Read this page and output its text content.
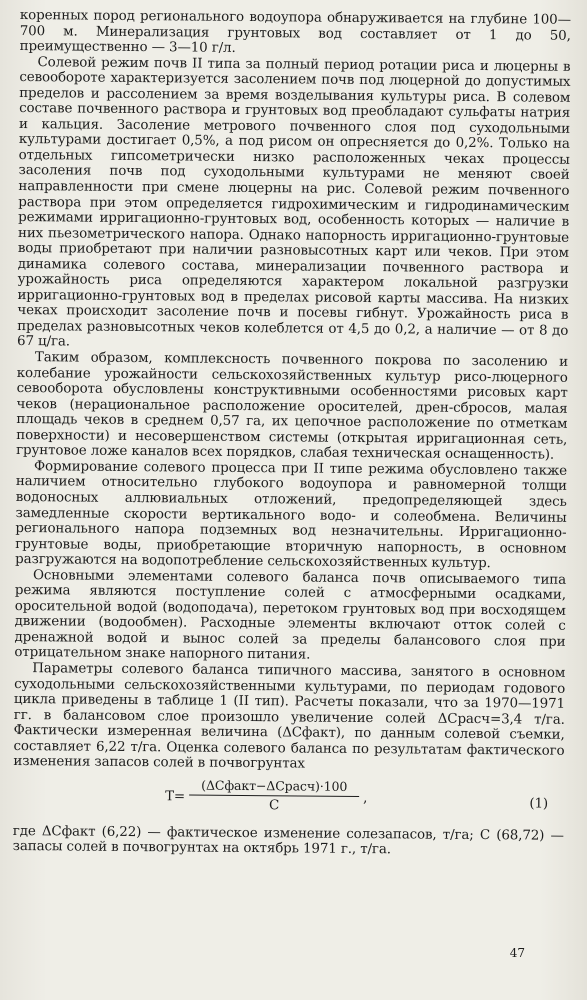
коренных пород регионального водоупора обнаруживается на глубине 100—700 м. Минерализация грунтовых вод составляет от 1 до 50, преимущественно — 3—10 г/л.

Солевой режим почв II типа за полный период ротации риса и люцерны в севообороте характеризуется засолением почв под люцерной до допустимых пределов и рассолением за время возделывания культуры риса. В солевом составе почвенного раствора и грунтовых вод преобладают сульфаты натрия и кальция. Засоление метрового почвенного слоя под суходольными культурами достигает 0,5%, а под рисом он опресняется до 0,2%. Только на отдельных гипсометрически низко расположенных чеках процессы засоления почв под суходольными культурами не меняют своей направленности при смене люцерны на рис. Солевой режим почвенного раствора при этом определяется гидрохимическим и гидродинамическим режимами ирригационно-грунтовых вод, особенность которых — наличие в них пьезометрического напора. Однако напорность ирригационно-грунтовые воды приобретают при наличии разновысотных карт или чеков. При этом динамика солевого состава, минерализации почвенного раствора и урожайность риса определяются характером локальной разгрузки ирригационно-грунтовых вод в пределах рисовой карты массива. На низких чеках происходит засоление почв и посевы гибнут. Урожайность риса в пределах разновысотных чеков колеблется от 4,5 до 0,2, а наличие — от 8 до 67 ц/га.

Таким образом, комплексность почвенного покрова по засолению и колебание урожайности сельскохозяйственных культур рисо-люцерного севооборота обусловлены конструктивными особенностями рисовых карт чеков (нерациональное расположение оросителей, дрен-сбросов, малая площадь чеков в среднем 0,57 га, их цепочное расположение по отметкам поверхности) и несовершенством системы (открытая ирригационная сеть, грунтовое ложе каналов всех порядков, слабая техническая оснащенность).

Формирование солевого процесса при II типе режима обусловлено также наличием относительно глубокого водоупора и равномерной толщи водоносных аллювиальных отложений, предопределяющей здесь замедленные скорости вертикального водо- и солеобмена. Величины регионального напора подземных вод незначительны. Ирригационно-грунтовые воды, приобретающие вторичную напорность, в основном разгружаются на водопотребление сельскохозяйственных культур.

Основными элементами солевого баланса почв описываемого типа режима являются поступление солей с атмосферными осадками, оросительной водой (водоподача), перетоком грунтовых вод при восходящем движении (водообмен). Расходные элементы включают отток солей с дренажной водой и вынос солей за пределы балансового слоя при отрицательном знаке напорного питания.

Параметры солевого баланса типичного массива, занятого в основном суходольными сельскохозяйственными культурами, по периодам годового цикла приведены в таблице 1 (II тип). Расчеты показали, что за 1970—1971 гг. в балансовом слое произошло увеличение солей ΔCрасч=3,4 т/га. Фактически измеренная величина (ΔCфакт), по данным солевой съемки, составляет 6,22 т/га. Оценка солевого баланса по результатам фактического изменения запасов солей в почвогрунтах

T=
(ΔCфакт−ΔCрасч)·100
C
,	(1)

где ΔCфакт (6,22) — фактическое изменение солезапасов, т/га; C (68,72) — запасы солей в почвогрунтах на октябрь 1971 г., т/га.

47
